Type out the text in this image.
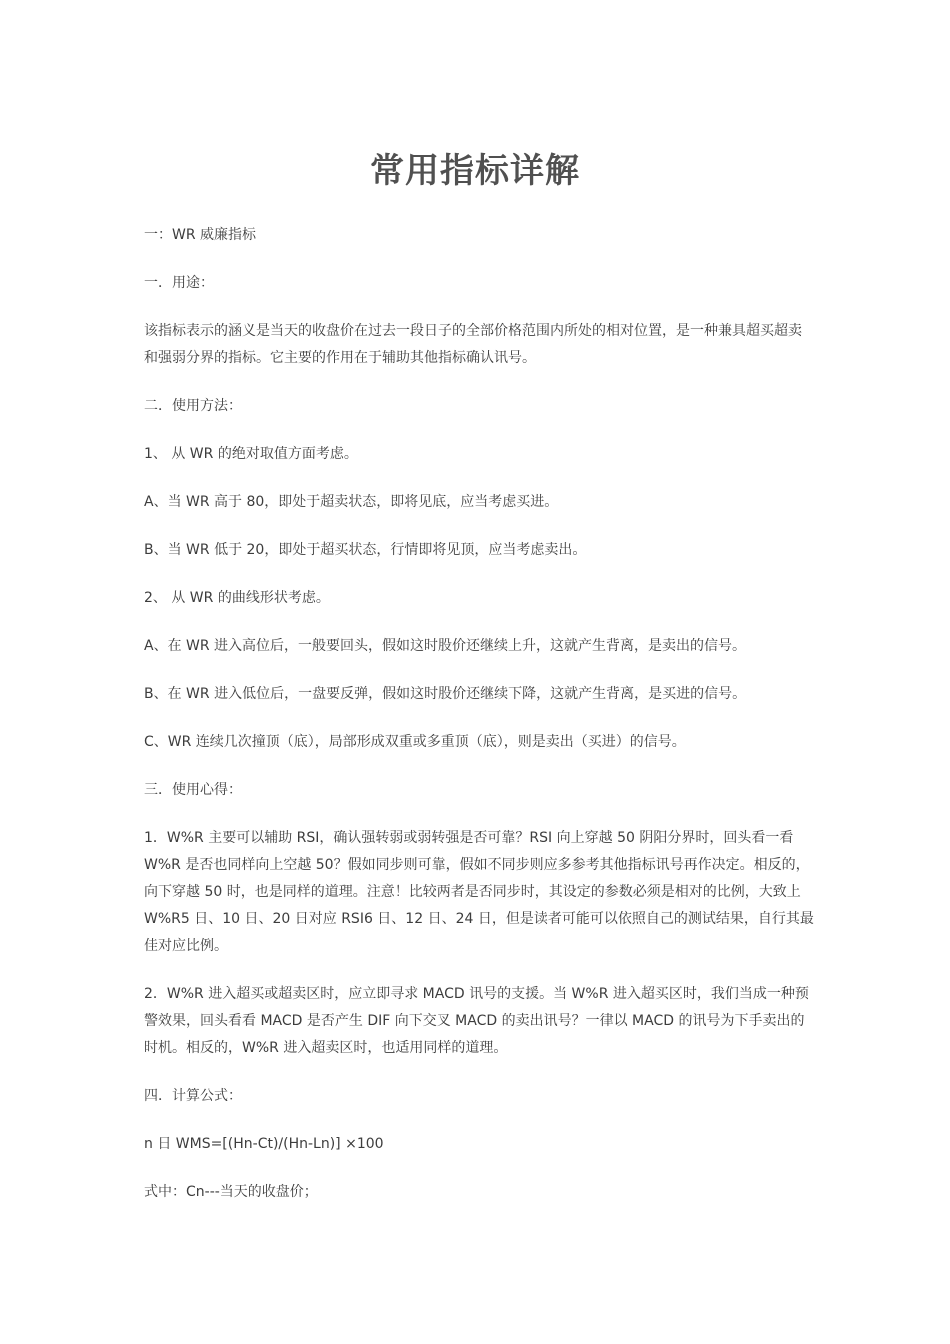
常用指标详解

一：WR 威廉指标

一．用途：

该指标表示的涵义是当天的收盘价在过去一段日子的全部价格范围内所处的相对位置，是一种兼具超买超卖和强弱分界的指标。它主要的作用在于辅助其他指标确认讯号。

二．使用方法：

1、 从 WR 的绝对取值方面考虑。

A、当 WR 高于 80，即处于超卖状态，即将见底，应当考虑买进。

B、当 WR 低于 20，即处于超买状态，行情即将见顶，应当考虑卖出。

2、 从 WR 的曲线形状考虑。

A、在 WR 进入高位后，一般要回头，假如这时股价还继续上升，这就产生背离，是卖出的信号。

B、在 WR 进入低位后，一盘要反弹，假如这时股价还继续下降，这就产生背离，是买进的信号。

C、WR 连续几次撞顶（底），局部形成双重或多重顶（底），则是卖出（买进）的信号。

三．使用心得：

1．W%R 主要可以辅助 RSI，确认强转弱或弱转强是否可靠？RSI 向上穿越 50 阴阳分界时，回头看一看 W%R 是否也同样向上空越 50？假如同步则可靠，假如不同步则应多参考其他指标讯号再作决定。相反的，向下穿越 50 时，也是同样的道理。注意！比较两者是否同步时，其设定的参数必须是相对的比例，大致上 W%R5 日、10 日、20 日对应 RSI6 日、12 日、24 日，但是读者可能可以依照自己的测试结果，自行其最佳对应比例。

2．W%R 进入超买或超卖区时，应立即寻求 MACD 讯号的支援。当 W%R 进入超买区时，我们当成一种预警效果，回头看看 MACD 是否产生 DIF 向下交叉 MACD 的卖出讯号？一律以 MACD 的讯号为下手卖出的时机。相反的，W%R 进入超卖区时，也适用同样的道理。

四．计算公式：

n 日 WMS=[(Hn-Ct)/(Hn-Ln)] ×100

式中：Cn---当天的收盘价；
